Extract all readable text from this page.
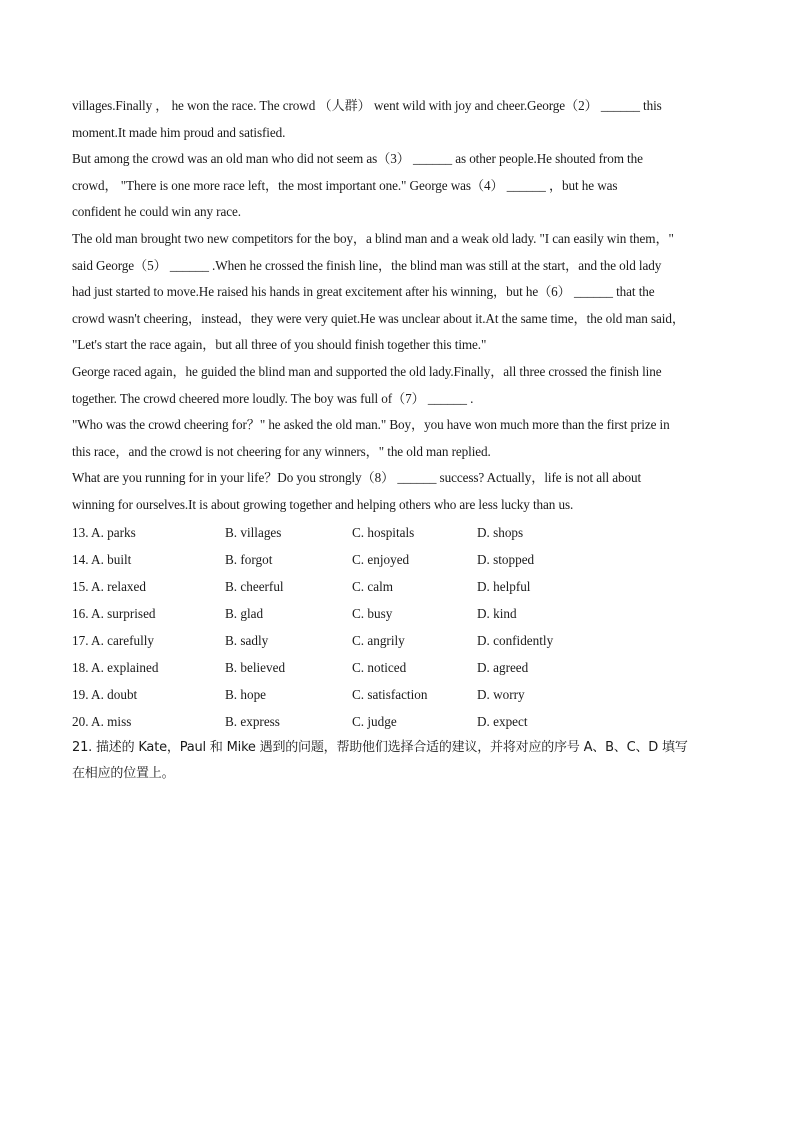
villages.Finally ， he won the race. The crowd （人群） went wild with joy and cheer.George（2） ______ this

moment.It made him proud and satisfied.

But among the crowd was an old man who did not seem as（3） ______ as other people.He shouted from the

crowd， "There is one more race left，the most important one." George was（4） ______ ，but he was

confident he could win any race.

The old man brought two new competitors for the boy，a blind man and a weak old lady. "I can easily win them，"

said George（5） ______ .When he crossed the finish line，the blind man was still at the start，and the old lady

had just started to move.He raised his hands in great excitement after his winning，but he（6） ______ that the

crowd wasn't cheering，instead，they were very quiet.He was unclear about it.At the same time，the old man said，

"Let's start the race again，but all three of you should finish together this time."

George raced again，he guided the blind man and supported the old lady.Finally，all three crossed the finish line

together. The crowd cheered more loudly. The boy was full of（7） ______ .

"Who was the crowd cheering for？" he asked the old man." Boy，you have won much more than the first prize in

this race，and the crowd is not cheering for any winners，" the old man replied.

What are you running for in your life？Do you strongly（8） ______ success? Actually，life is not all about

winning for ourselves.It is about growing together and helping others who are less lucky than us.

13. A. parks	B. villages	C. hospitals	D. shops
14. A. built	B. forgot	C. enjoyed	D. stopped
15. A. relaxed	B. cheerful	C. calm	D. helpful
16. A. surprised	B. glad	C. busy	D. kind
17. A. carefully	B. sadly	C. angrily	D. confidently
18. A. explained	B. believed	C. noticed	D. agreed
19. A. doubt	B. hope	C. satisfaction	D. worry
20. A. miss	B. express	C. judge	D. expect

21. 描述的 Kate，Paul 和 Mike 遇到的问题，帮助他们选择合适的建议，并将对应的序号 A、B、C、D 填写

在相应的位置上。
